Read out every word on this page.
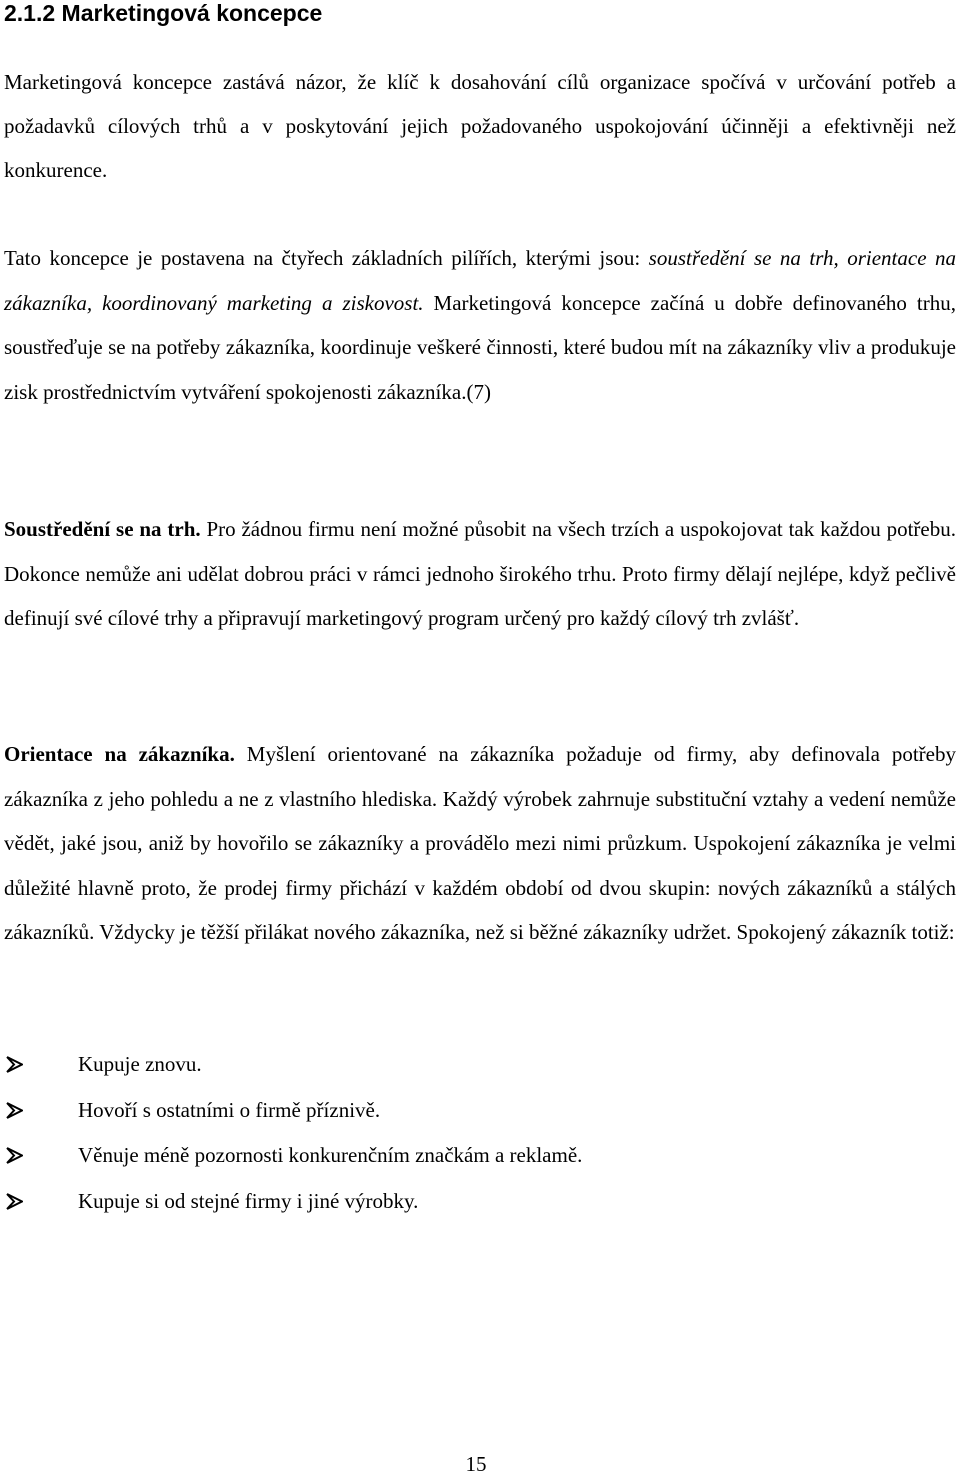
2.1.2 Marketingová koncepce

Marketingová koncepce zastává názor, že klíč k dosahování cílů organizace spočívá v určování potřeb a požadavků cílových trhů a v poskytování jejich požadovaného uspokojování účinněji a efektivněji než konkurence.

Tato koncepce je postavena na čtyřech základních pilířích, kterými jsou: soustředění se na trh, orientace na zákazníka, koordinovaný marketing a ziskovost. Marketingová koncepce začíná u dobře definovaného trhu, soustřeďuje se na potřeby zákazníka, koordinuje veškeré činnosti, které budou mít na zákazníky vliv a produkuje zisk prostřednictvím vytváření spokojenosti zákazníka.(7)

Soustředění se na trh. Pro žádnou firmu není možné působit na všech trzích a uspokojovat tak každou potřebu. Dokonce nemůže ani udělat dobrou práci v rámci jednoho širokého trhu. Proto firmy dělají nejlépe, když pečlivě definují své cílové trhy a připravují marketingový program určený pro každý cílový trh zvlášť.

Orientace na zákazníka. Myšlení orientované na zákazníka požaduje od firmy, aby definovala potřeby zákazníka z jeho pohledu a ne z vlastního hlediska. Každý výrobek zahrnuje substituční vztahy a vedení nemůže vědět, jaké jsou, aniž by hovořilo se zákazníky a provádělo mezi nimi průzkum. Uspokojení zákazníka je velmi důležité hlavně proto, že prodej firmy přichází v každém období od dvou skupin: nových zákazníků a stálých zákazníků. Vždycky je těžší přilákat nového zákazníka, než si běžné zákazníky udržet. Spokojený zákazník totiž:

Kupuje znovu.
Hovoří s ostatními o firmě příznivě.
Věnuje méně pozornosti konkurenčním značkám a reklamě.
Kupuje si od stejné firmy i jiné výrobky.
15
